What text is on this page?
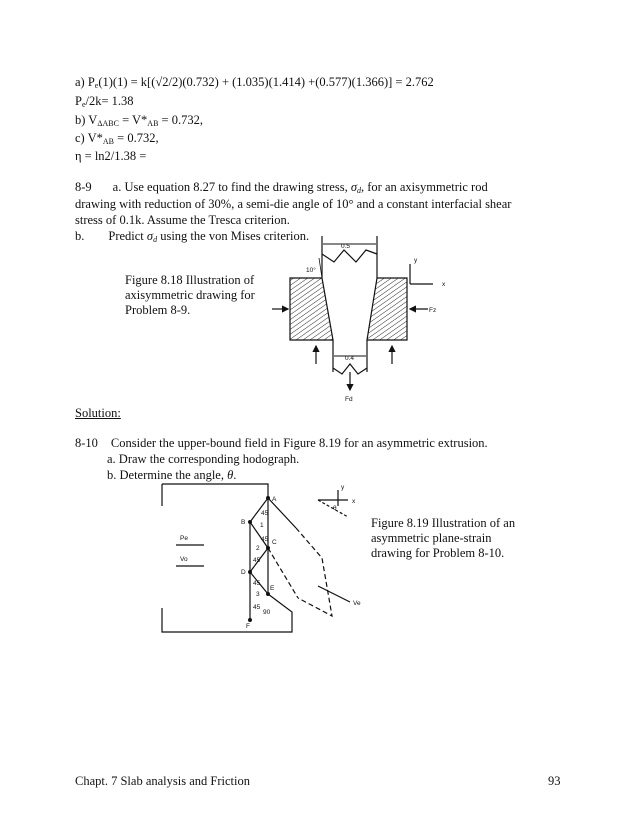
a) $P_e(1)(1) = k[(√2/2)(0.732) + (1.035)(1.414) +(0.577)(1.366)] = 2.762$
$P_e/2k= 1.38$
b) $V_{\Delta ABC} = V*_{AB} = 0.732$,
c) $V*_{AB} = 0.732$,
η = ln2/1.38 =
8-9 a. Use equation 8.27 to find the drawing stress, $\sigma_d$, for an axisymmetric rod
drawing with reduction of 30%, a semi-die angle of 10° and a constant interfacial shear
stress of 0.1k. Assume the Tresca criterion.
b. Predict $\sigma_d$ using the von Mises criterion.
Figure 8.18 Illustration of axisymmetric drawing for Problem 8-9.
0.5
0.4
10°
y
x
Fz
Fd
Solution:
8-10 Consider the upper-bound field in Figure 8.19 for an asymmetric extrusion.
a. Draw the corresponding hodograph.
b. Determine the angle, θ.
Figure 8.19 Illustration of an asymmetric plane-strain drawing for Problem 8-10.
A
B
C
D
E
F
1
2
3
45
45
45
45
45
90
Pe
Vo
Ve
x
y
θ
Chapt. 7 Slab analysis and Friction	93
